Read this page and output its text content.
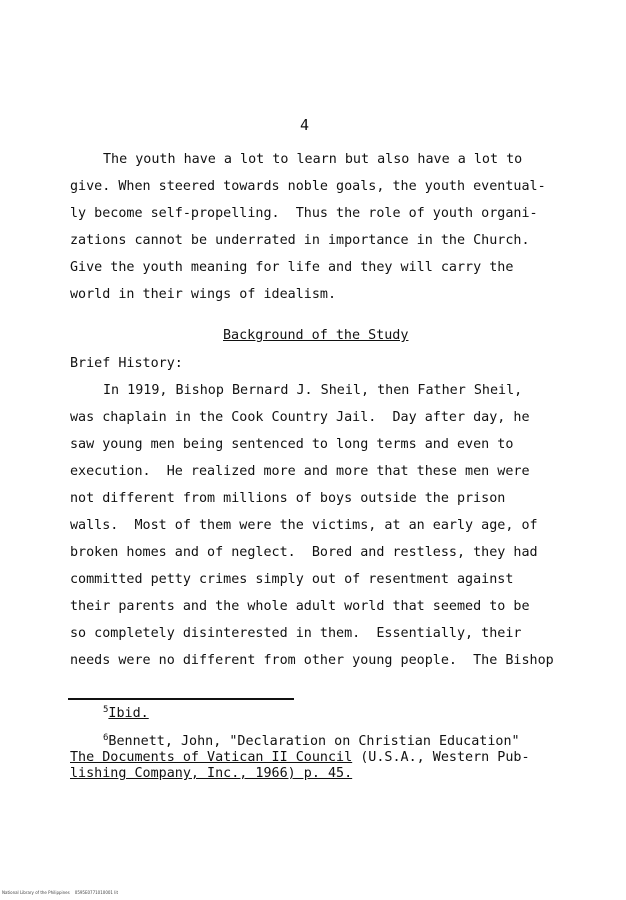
4
The youth have a lot to learn but also have a lot to
give. When steered towards noble goals, the youth eventual-
ly become self-propelling.  Thus the role of youth organi-
zations cannot be underrated in importance in the Church.
Give the youth meaning for life and they will carry the
world in their wings of idealism.
Background of the Study
Brief History:
In 1919, Bishop Bernard J. Sheil, then Father Sheil,
was chaplain in the Cook Country Jail.  Day after day, he
saw young men being sentenced to long terms and even to
execution.  He realized more and more that these men were
not different from millions of boys outside the prison
walls.  Most of them were the victims, at an early age, of
broken homes and of neglect.  Bored and restless, they had
committed petty crimes simply out of resentment against
their parents and the whole adult world that seemed to be
so completely disinterested in them.  Essentially, their
needs were no different from other young people.  The Bishop
$^5$Ibid.
$^6$Bennett, John, "Declaration on Christian Education"
The Documents of Vatican II Council (U.S.A., Western Pub-
lishing Company, Inc., 1966) p. 45.
National Library of the Philippines    0595E0771010001 lit
